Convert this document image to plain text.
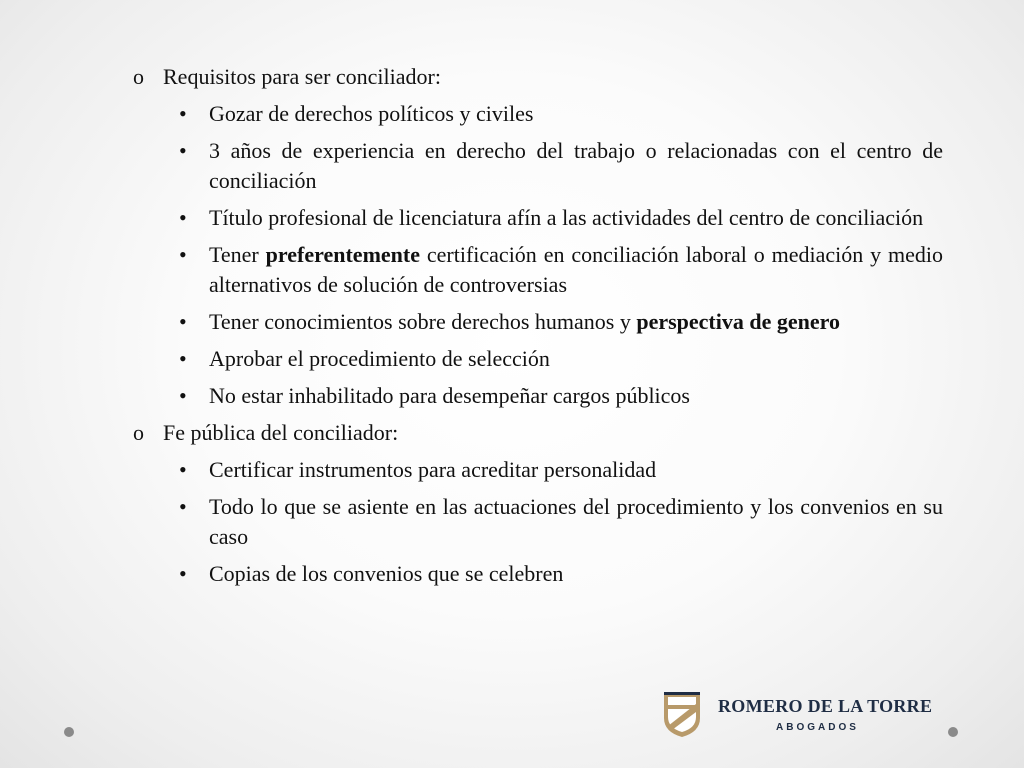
o Requisitos para ser conciliador:
•	Gozar de derechos políticos y civiles
•	3 años de experiencia en derecho del trabajo o relacionadas con el centro de conciliación
•	Título profesional de licenciatura afín a las actividades del centro de conciliación
•	Tener preferentemente certificación en conciliación laboral o mediación y medio alternativos de solución de controversias
•	Tener conocimientos sobre derechos humanos y perspectiva de genero
•	Aprobar el procedimiento de selección
•	No estar inhabilitado para desempeñar cargos públicos
o Fe pública del conciliador:
•	Certificar instrumentos para acreditar personalidad
•	Todo lo que se asiente en las actuaciones del procedimiento y los convenios en su caso
•	Copias de los convenios que se celebren
ROMERO DE LA TORRE
ABOGADOS
